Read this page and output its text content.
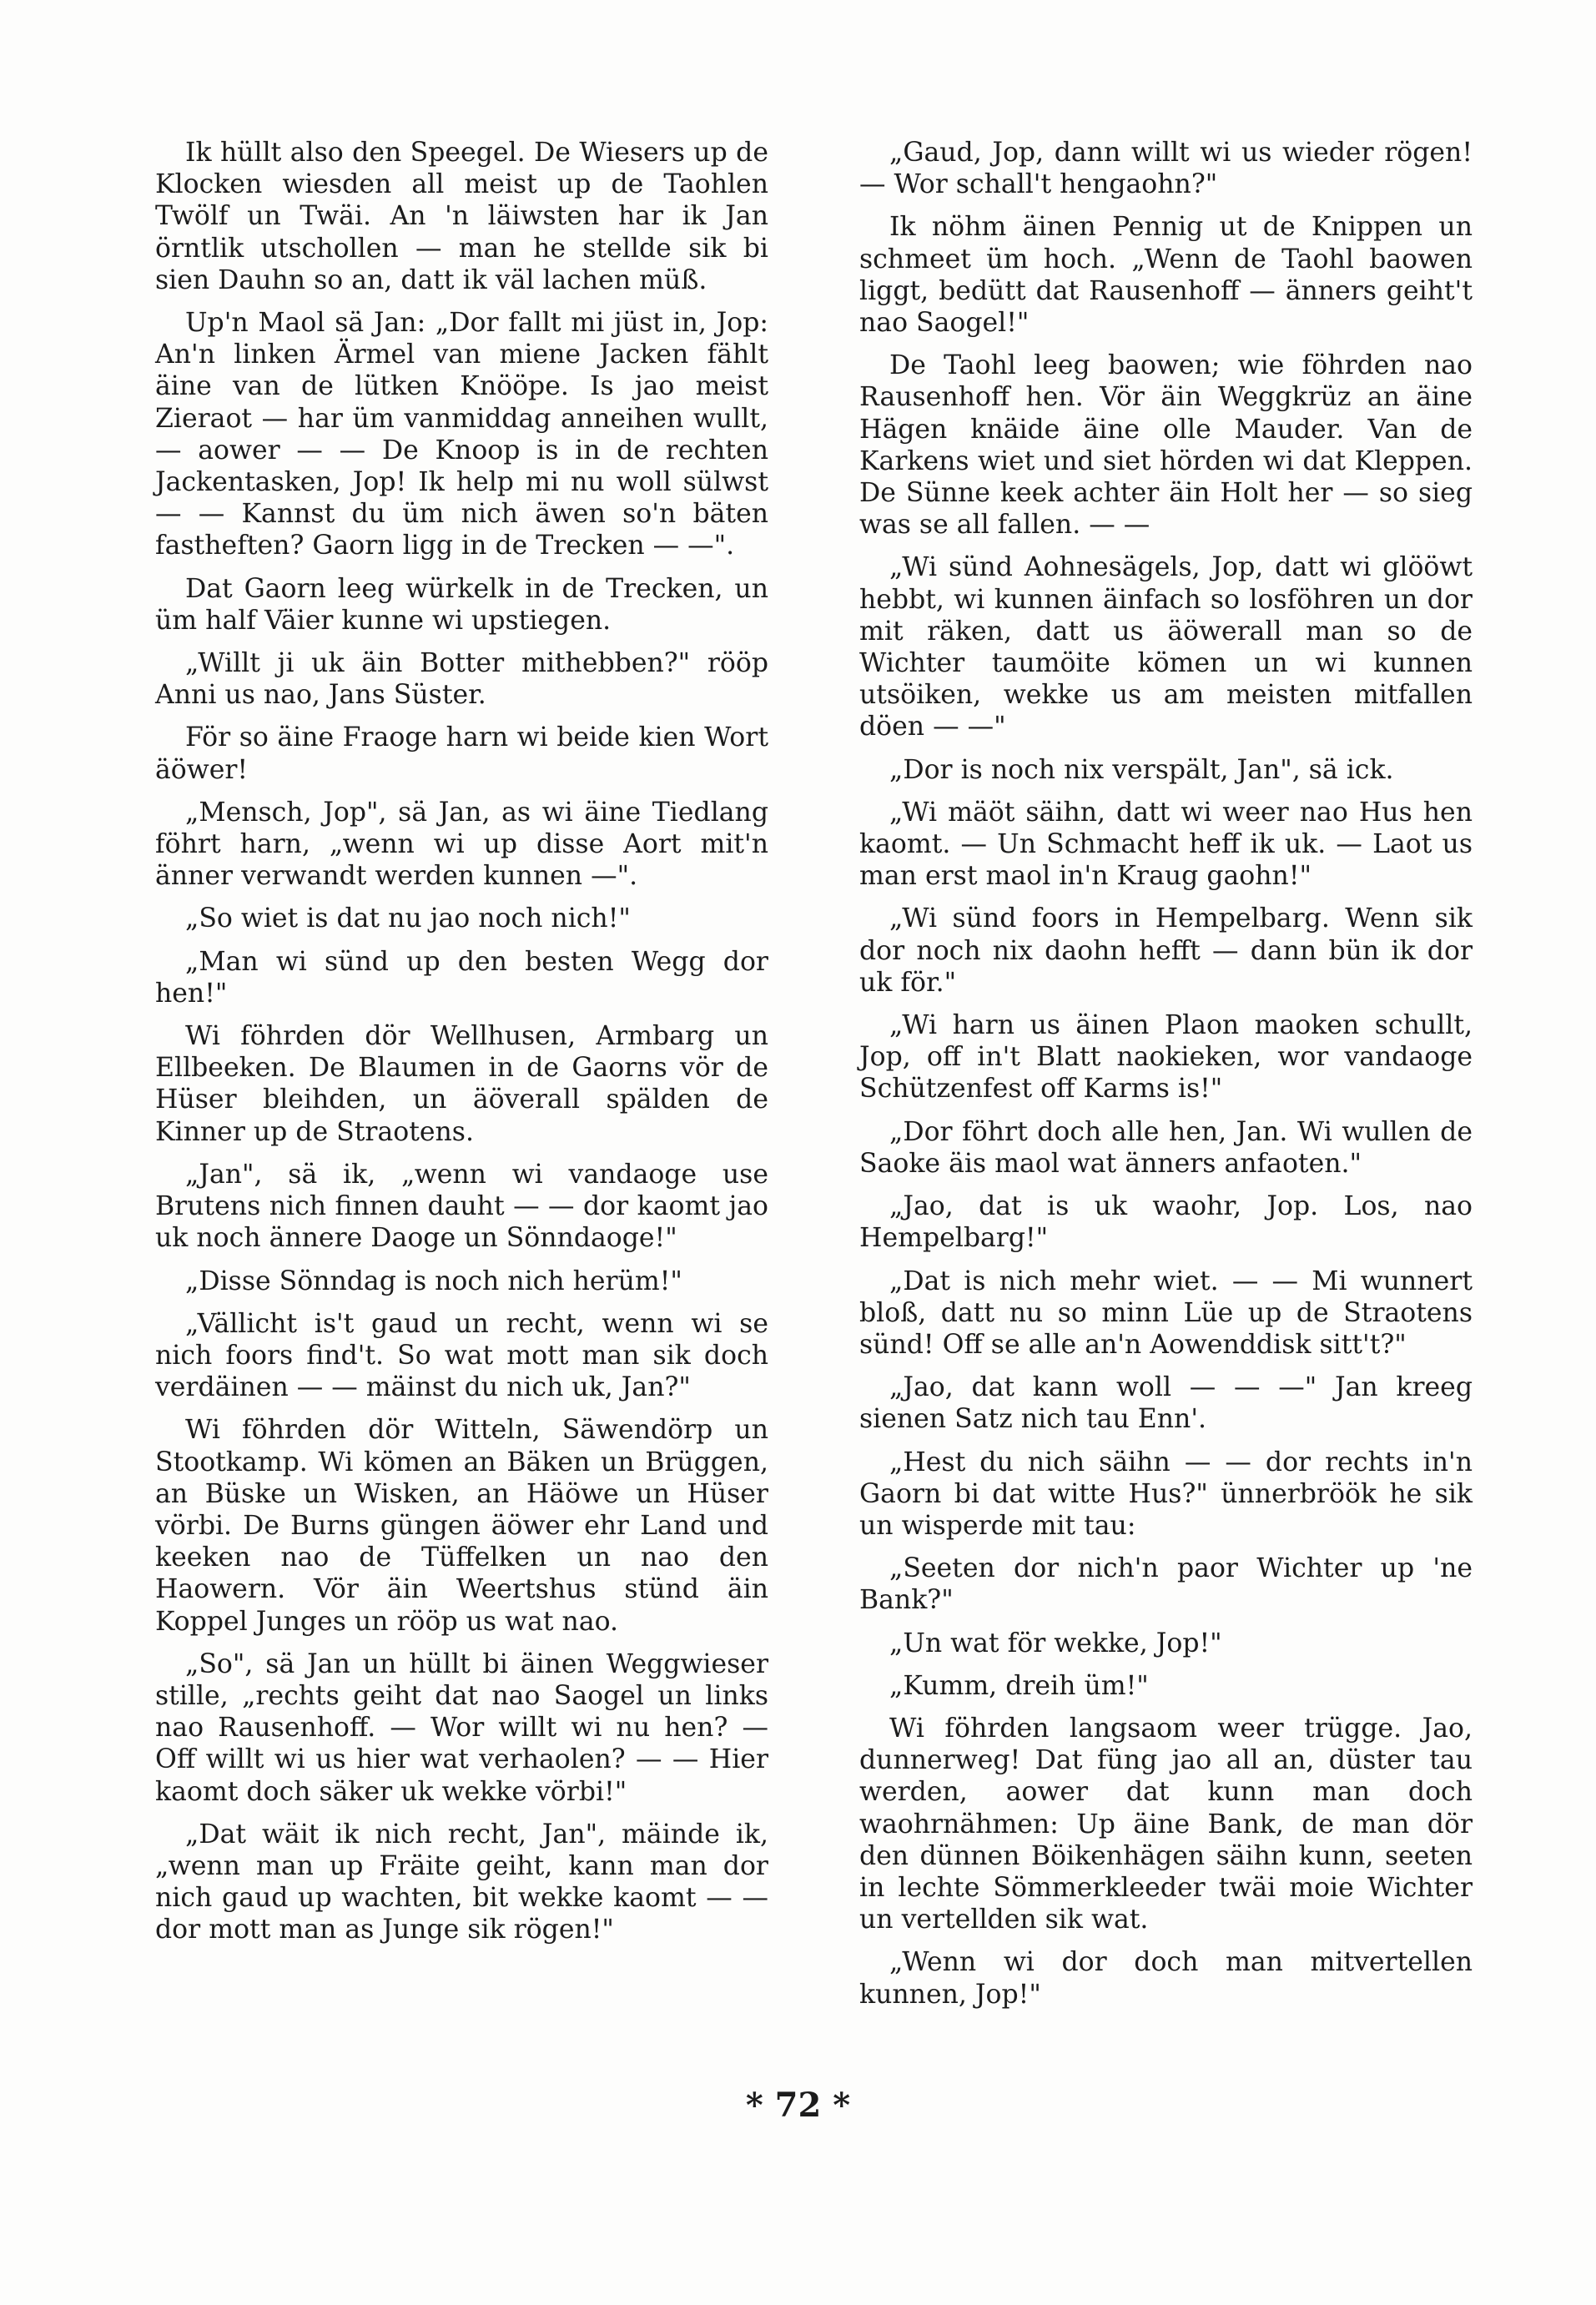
Ik hüllt also den Speegel. De Wiesers up de Klocken wiesden all meist up de Taohlen Twölf un Twäi. An 'n läiwsten har ik Jan örntlik utschollen — man he stellde sik bi sien Dauhn so an, datt ik väl lachen müß.

Up'n Maol sä Jan: „Dor fallt mi jüst in, Jop: An'n linken Ärmel van miene Jacken fählt äine van de lütken Knööpe. Is jao meist Zieraot — har üm vanmiddag anneihen wullt, — aower — — De Knoop is in de rechten Jackentasken, Jop! Ik help mi nu woll sülwst — — Kannst du üm nich äwen so'n bäten fastheften? Gaorn ligg in de Trecken — —".

Dat Gaorn leeg würkelk in de Trecken, un üm half Väier kunne wi upstiegen.

„Willt ji uk äin Botter mithebben?" rööp Anni us nao, Jans Süster.

För so äine Fraoge harn wi beide kien Wort äöwer!

„Mensch, Jop", sä Jan, as wi äine Tiedlang föhrt harn, „wenn wi up disse Aort mit'n änner verwandt werden kunnen —".

„So wiet is dat nu jao noch nich!"

„Man wi sünd up den besten Wegg dor hen!"

Wi föhrden dör Wellhusen, Armbarg un Ellbeeken. De Blaumen in de Gaorns vör de Hüser bleihden, un äöverall spälden de Kinner up de Straotens.

„Jan", sä ik, „wenn wi vandaoge use Brutens nich finnen dauht — — dor kaomt jao uk noch ännere Daoge un Sönndaoge!"

„Disse Sönndag is noch nich herüm!"

„Vällicht is't gaud un recht, wenn wi se nich foors find't. So wat mott man sik doch verdäinen — — mäinst du nich uk, Jan?"

Wi föhrden dör Witteln, Säwendörp un Stootkamp. Wi kömen an Bäken un Brüggen, an Büske un Wisken, an Häöwe un Hüser vörbi. De Burns güngen äöwer ehr Land und keeken nao de Tüffelken un nao den Haowern. Vör äin Weertshus stünd äin Koppel Junges un rööp us wat nao.

„So", sä Jan un hüllt bi äinen Weggwieser stille, „rechts geiht dat nao Saogel un links nao Rausenhoff. — Wor willt wi nu hen? — Off willt wi us hier wat verhaolen? — — Hier kaomt doch säker uk wekke vörbi!"

„Dat wäit ik nich recht, Jan", mäinde ik, „wenn man up Fräite geiht, kann man dor nich gaud up wachten, bit wekke kaomt — — dor mott man as Junge sik rögen!"

„Gaud, Jop, dann willt wi us wieder rögen! — Wor schall't hengaohn?"

Ik nöhm äinen Pennig ut de Knippen un schmeet üm hoch. „Wenn de Taohl baowen liggt, bedütt dat Rausenhoff — änners geiht't nao Saogel!"

De Taohl leeg baowen; wie föhrden nao Rausenhoff hen. Vör äin Weggkrüz an äine Hägen knäide äine olle Mauder. Van de Karkens wiet und siet hörden wi dat Kleppen. De Sünne keek achter äin Holt her — so sieg was se all fallen. — —

„Wi sünd Aohnesägels, Jop, datt wi glööwt hebbt, wi kunnen äinfach so losföhren un dor mit räken, datt us äöwerall man so de Wichter taumöite kömen un wi kunnen utsöiken, wekke us am meisten mitfallen döen — —"

„Dor is noch nix verspält, Jan", sä ick.

„Wi mäöt säihn, datt wi weer nao Hus hen kaomt. — Un Schmacht heff ik uk. — Laot us man erst maol in'n Kraug gaohn!"

„Wi sünd foors in Hempelbarg. Wenn sik dor noch nix daohn hefft — dann bün ik dor uk för."

„Wi harn us äinen Plaon maoken schullt, Jop, off in't Blatt naokieken, wor vandaoge Schützenfest off Karms is!"

„Dor föhrt doch alle hen, Jan. Wi wullen de Saoke äis maol wat änners anfaoten."

„Jao, dat is uk waohr, Jop. Los, nao Hempelbarg!"

„Dat is nich mehr wiet. — — Mi wunnert bloß, datt nu so minn Lüe up de Straotens sünd! Off se alle an'n Aowenddisk sitt't?"

„Jao, dat kann woll — — —" Jan kreeg sienen Satz nich tau Enn'.

„Hest du nich säihn — — dor rechts in'n Gaorn bi dat witte Hus?" ünnerbröök he sik un wisperde mit tau:

„Seeten dor nich'n paor Wichter up 'ne Bank?"

„Un wat för wekke, Jop!"

„Kumm, dreih üm!"

Wi föhrden langsaom weer trügge. Jao, dunnerweg! Dat füng jao all an, düster tau werden, aower dat kunn man doch waohrnähmen: Up äine Bank, de man dör den dünnen Böikenhägen säihn kunn, seeten in lechte Sömmerkleeder twäi moie Wichter un vertellden sik wat.

„Wenn wi dor doch man mitvertellen kunnen, Jop!"

* 72 *
